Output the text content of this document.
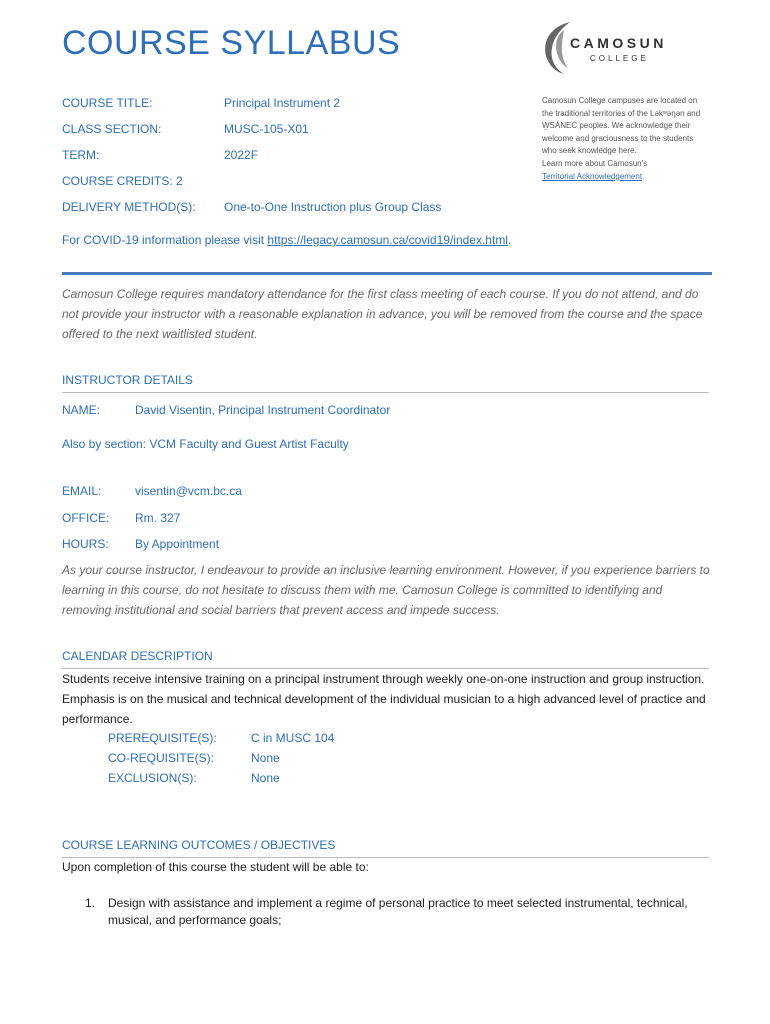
COURSE SYLLABUS	CAMOSUN
COLLEGE
COURSE TITLE:	Principal Instrument 2
CLASS SECTION:	MUSC-105-X01
TERM:	2022F
COURSE CREDITS: 2
DELIVERY METHOD(S): One-to-One Instruction plus Group Class
Camosun College campuses are located on the traditional territories of the Ləkʷəŋən and W̱SÁNEĆ peoples. We acknowledge their welcome and graciousness to the students who seek knowledge here.
Learn more about Camosun’s
Territorial Acknowledgement.
For COVID-19 information please visit https://legacy.camosun.ca/covid19/index.html.
Camosun College requires mandatory attendance for the first class meeting of each course. If you do not attend, and do not provide your instructor with a reasonable explanation in advance, you will be removed from the course and the space offered to the next waitlisted student.
INSTRUCTOR DETAILS
NAME:	David Visentin, Principal Instrument Coordinator
Also by section: VCM Faculty and Guest Artist Faculty
EMAIL:	visentin@vcm.bc.ca
OFFICE: Rm. 327
HOURS: By Appointment
As your course instructor, I endeavour to provide an inclusive learning environment. However, if you experience barriers to learning in this course, do not hesitate to discuss them with me. Camosun College is committed to identifying and removing institutional and social barriers that prevent access and impede success.
CALENDAR DESCRIPTION
Students receive intensive training on a principal instrument through weekly one-on-one instruction and group instruction. Emphasis is on the musical and technical development of the individual musician to a high advanced level of practice and performance.
PREREQUISITE(S):	C in MUSC 104
CO-REQUISITE(S):	None
EXCLUSION(S):	None
COURSE LEARNING OUTCOMES / OBJECTIVES
Upon completion of this course the student will be able to:
1. Design with assistance and implement a regime of personal practice to meet selected instrumental, technical, musical, and performance goals;
